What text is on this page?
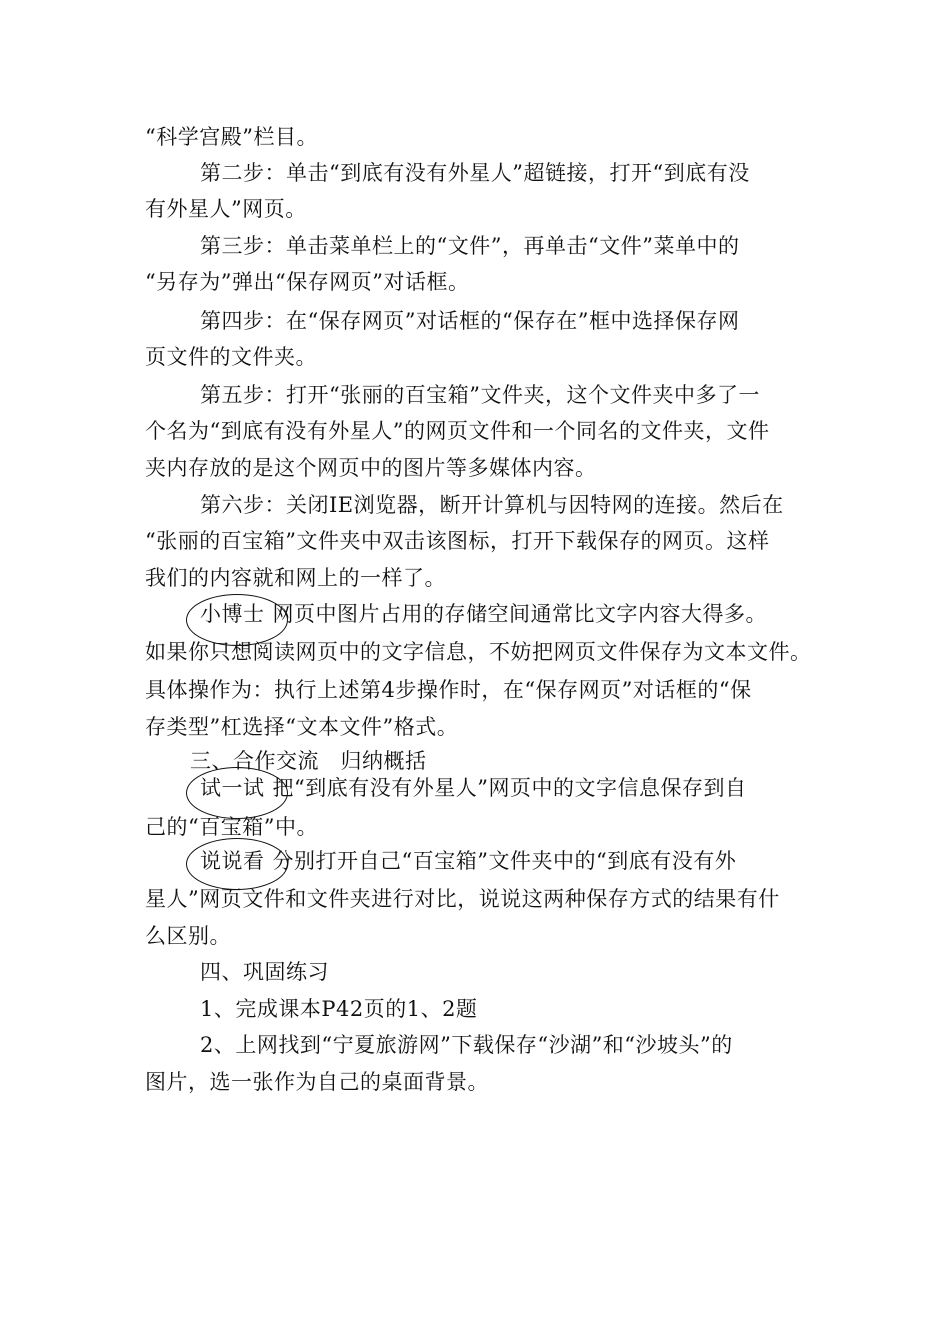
“科学宫殿”栏目。
第二步：单击“到底有没有外星人”超链接，打开“到底有没
有外星人”网页。
第三步：单击菜单栏上的“文件”，再单击“文件”菜单中的
“另存为”弹出“保存网页”对话框。
第四步：在“保存网页”对话框的“保存在”框中选择保存网
页文件的文件夹。
第五步：打开“张丽的百宝箱”文件夹，这个文件夹中多了一
个名为“到底有没有外星人”的网页文件和一个同名的文件夹，文件
夹内存放的是这个网页中的图片等多媒体内容。
第六步：关闭IE浏览器，断开计算机与因特网的连接。然后在
“张丽的百宝箱”文件夹中双击该图标，打开下载保存的网页。这样
我们的内容就和网上的一样了。
小博士 网页中图片占用的存储空间通常比文字内容大得多。
如果你只想阅读网页中的文字信息，不妨把网页文件保存为文本文件。
具体操作为：执行上述第4步操作时，在“保存网页”对话框的“保
存类型”杠选择“文本文件”格式。
三、合作交流　归纳概括
试一试 把“到底有没有外星人”网页中的文字信息保存到自
己的“百宝箱”中。
说说看 分别打开自己“百宝箱”文件夹中的“到底有没有外
星人”网页文件和文件夹进行对比，说说这两种保存方式的结果有什
么区别。
四、巩固练习
1、完成课本P42页的1、2题
2、上网找到“宁夏旅游网”下载保存“沙湖”和“沙坡头”的
图片，选一张作为自己的桌面背景。
